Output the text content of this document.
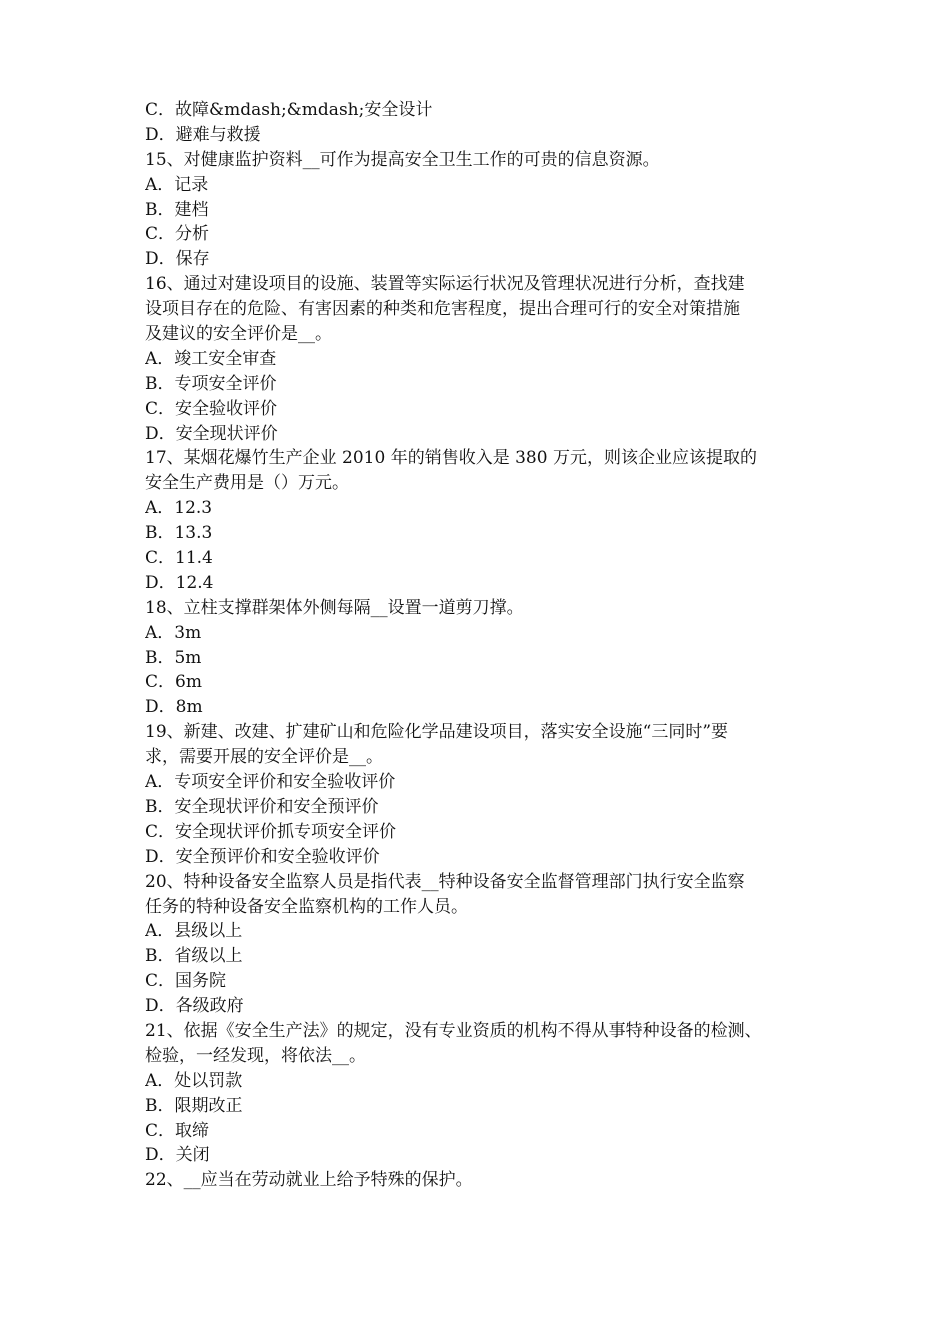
C．故障&mdash;&mdash;安全设计
D．避难与救援
15、对健康监护资料__可作为提高安全卫生工作的可贵的信息资源。
A．记录
B．建档
C．分析
D．保存
16、通过对建设项目的设施、装置等实际运行状况及管理状况进行分析，查找建
设项目存在的危险、有害因素的种类和危害程度，提出合理可行的安全对策措施
及建议的安全评价是__。
A．竣工安全审查
B．专项安全评价
C．安全验收评价
D．安全现状评价
17、某烟花爆竹生产企业 2010 年的销售收入是 380 万元，则该企业应该提取的
安全生产费用是（）万元。
A．12.3
B．13.3
C．11.4
D．12.4
18、立柱支撑群架体外侧每隔__设置一道剪刀撑。
A．3m
B．5m
C．6m
D．8m
19、新建、改建、扩建矿山和危险化学品建设项目，落实安全设施“三同时”要
求，需要开展的安全评价是__。
A．专项安全评价和安全验收评价
B．安全现状评价和安全预评价
C．安全现状评价抓专项安全评价
D．安全预评价和安全验收评价
20、特种设备安全监察人员是指代表__特种设备安全监督管理部门执行安全监察
任务的特种设备安全监察机构的工作人员。
A．县级以上
B．省级以上
C．国务院
D．各级政府
21、依据《安全生产法》的规定，没有专业资质的机构不得从事特种设备的检测、
检验，一经发现，将依法__。
A．处以罚款
B．限期改正
C．取缔
D．关闭
22、__应当在劳动就业上给予特殊的保护。
